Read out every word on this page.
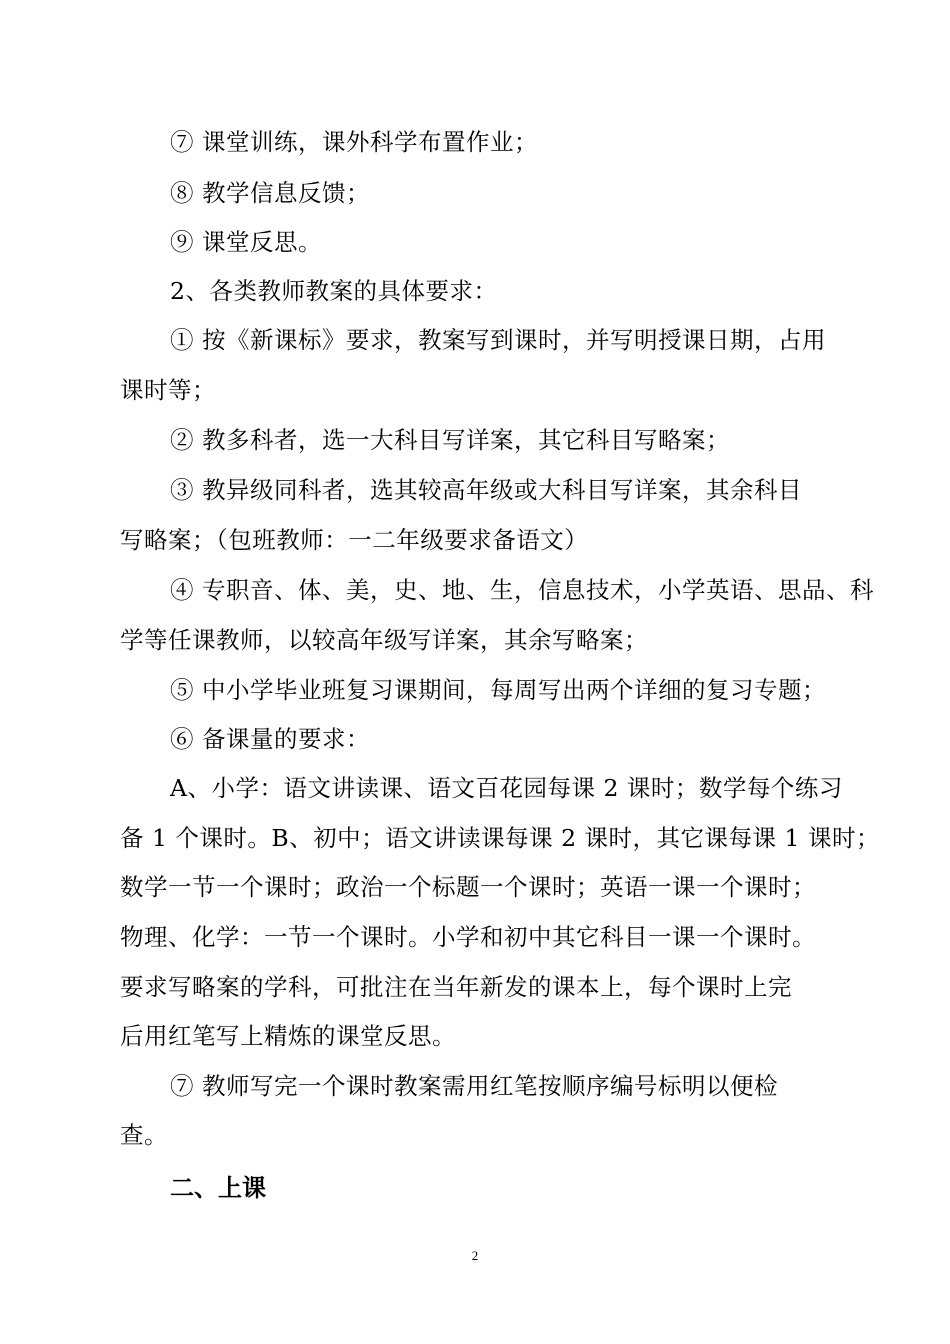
⑦ 课堂训练，课外科学布置作业；
⑧ 教学信息反馈；
⑨ 课堂反思。
2、各类教师教案的具体要求：
① 按《新课标》要求，教案写到课时，并写明授课日期，占用
课时等；
② 教多科者，选一大科目写详案，其它科目写略案；
③ 教异级同科者，选其较高年级或大科目写详案，其余科目
写略案；（包班教师：一二年级要求备语文）
④ 专职音、体、美，史、地、生，信息技术，小学英语、思品、科
学等任课教师，以较高年级写详案，其余写略案；
⑤ 中小学毕业班复习课期间，每周写出两个详细的复习专题；
⑥ 备课量的要求：
A、小学：语文讲读课、语文百花园每课 2 课时；数学每个练习
备 1 个课时。B、初中；语文讲读课每课 2 课时，其它课每课 1 课时；
数学一节一个课时；政治一个标题一个课时；英语一课一个课时；
物理、化学：一节一个课时。小学和初中其它科目一课一个课时。
要求写略案的学科，可批注在当年新发的课本上，每个课时上完
后用红笔写上精炼的课堂反思。
⑦ 教师写完一个课时教案需用红笔按顺序编号标明以便检
查。
二、上课
2
